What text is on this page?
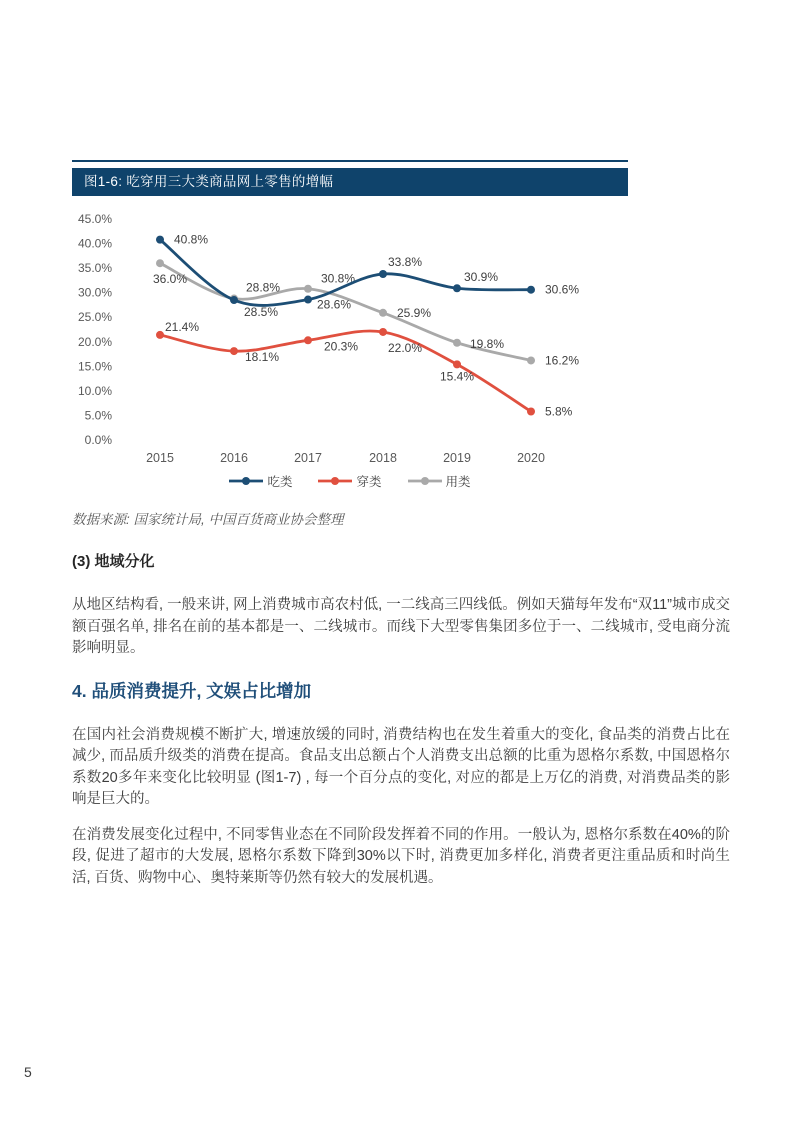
图1-6: 吃穿用三大类商品网上零售的增幅
0.0%
5.0%
10.0%
15.0%
20.0%
25.0%
30.0%
35.0%
40.0%
45.0%
2015	2016	2017	2018	2019	2020
36.0%
28.8%
30.8%
25.9%
19.8%
16.2%
21.4%
18.1%
20.3% 22.0%
15.4%
5.8%
40.8%
28.5%
28.6%
33.8%
30.9%
30.6%
吃类	穿类	用类
数据来源: 国家统计局, 中国百货商业协会整理
(3) 地域分化

从地区结构看, 一般来讲, 网上消费城市高农村低, 一二线高三四线低。例如天猫每年发布“双11”城市成交额百强名单, 排名在前的基本都是一、二线城市。而线下大型零售集团多位于一、二线城市, 受电商分流影响明显。

4. 品质消费提升, 文娱占比增加

在国内社会消费规模不断扩大, 增速放缓的同时, 消费结构也在发生着重大的变化, 食品类的消费占比在减少, 而品质升级类的消费在提高。食品支出总额占个人消费支出总额的比重为恩格尔系数, 中国恩格尔系数20多年来变化比较明显 (图1-7) , 每一个百分点的变化, 对应的都是上万亿的消费, 对消费品类的影响是巨大的。

在消费发展变化过程中, 不同零售业态在不同阶段发挥着不同的作用。一般认为, 恩格尔系数在40%的阶段, 促进了超市的大发展, 恩格尔系数下降到30%以下时, 消费更加多样化, 消费者更注重品质和时尚生活, 百货、购物中心、奥特莱斯等仍然有较大的发展机遇。

5
